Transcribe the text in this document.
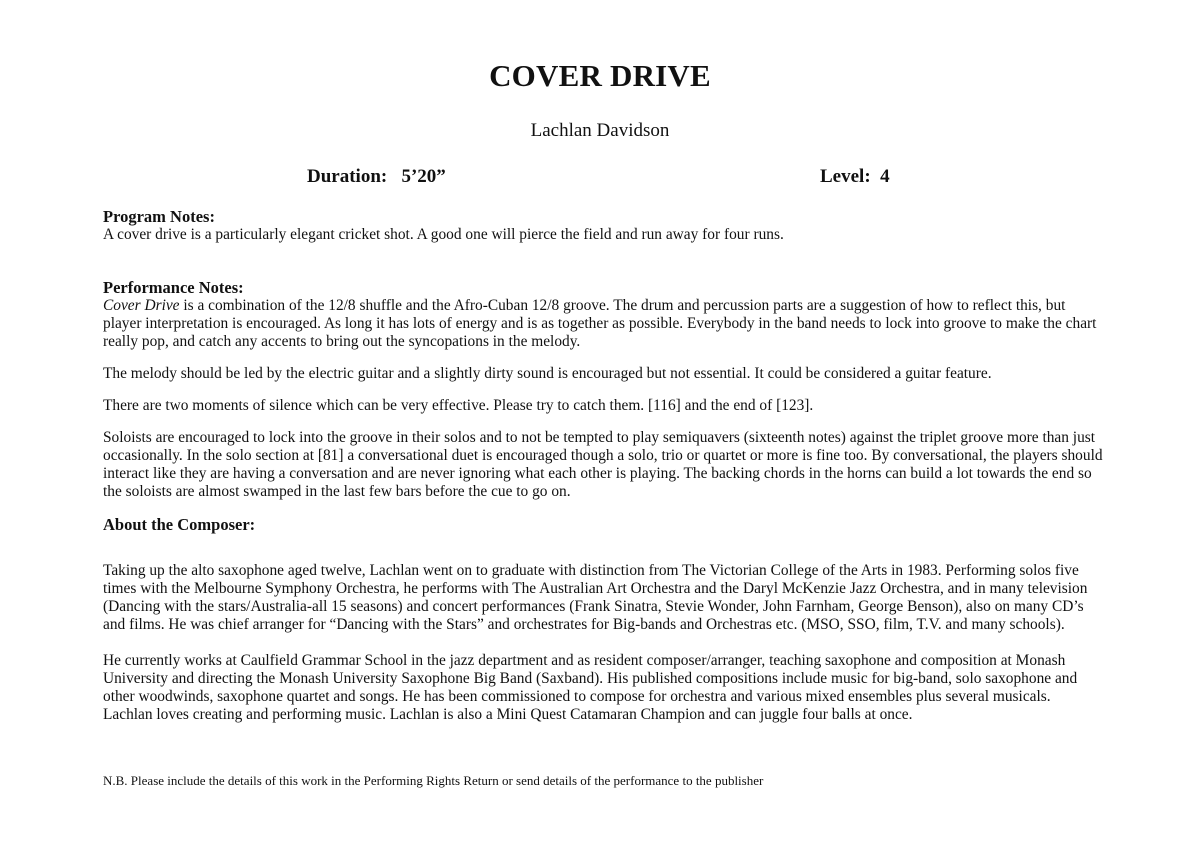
COVER DRIVE

Lachlan Davidson

Duration:   5’20”	Level:  4
Program Notes:

A cover drive is a particularly elegant cricket shot. A good one will pierce the field and run away for four runs.

Performance Notes:

Cover Drive is a combination of the 12/8 shuffle and the Afro-Cuban 12/8 groove. The drum and percussion parts are a suggestion of how to reflect this, but player interpretation is encouraged. As long it has lots of energy and is as together as possible. Everybody in the band needs to lock into groove to make the chart really pop, and catch any accents to bring out the syncopations in the melody.

The melody should be led by the electric guitar and a slightly dirty sound is encouraged but not essential. It could be considered a guitar feature.

There are two moments of silence which can be very effective. Please try to catch them. [116] and the end of [123].

Soloists are encouraged to lock into the groove in their solos and to not be tempted to play semiquavers (sixteenth notes) against the triplet groove more than just occasionally. In the solo section at [81] a conversational duet is encouraged though a solo, trio or quartet or more is fine too. By conversational, the players should interact like they are having a conversation and are never ignoring what each other is playing. The backing chords in the horns can build a lot towards the end so the soloists are almost swamped in the last few bars before the cue to go on.

About the Composer:

Taking up the alto saxophone aged twelve, Lachlan went on to graduate with distinction from The Victorian College of the Arts in 1983. Performing solos five times with the Melbourne Symphony Orchestra, he performs with The Australian Art Orchestra and the Daryl McKenzie Jazz Orchestra, and in many television (Dancing with the stars/Australia-all 15 seasons) and concert performances (Frank Sinatra, Stevie Wonder, John Farnham, George Benson), also on many CD’s and films. He was chief arranger for “Dancing with the Stars” and orchestrates for Big-bands and Orchestras etc. (MSO, SSO, film, T.V. and many schools).

He currently works at Caulfield Grammar School in the jazz department and as resident composer/arranger, teaching saxophone and composition at Monash University and directing the Monash University Saxophone Big Band (Saxband). His published compositions include music for big-band, solo saxophone and other woodwinds, saxophone quartet and songs. He has been commissioned to compose for orchestra and various mixed ensembles plus several musicals. Lachlan loves creating and performing music. Lachlan is also a Mini Quest Catamaran Champion and can juggle four balls at once.

N.B. Please include the details of this work in the Performing Rights Return or send details of the performance to the publisher
